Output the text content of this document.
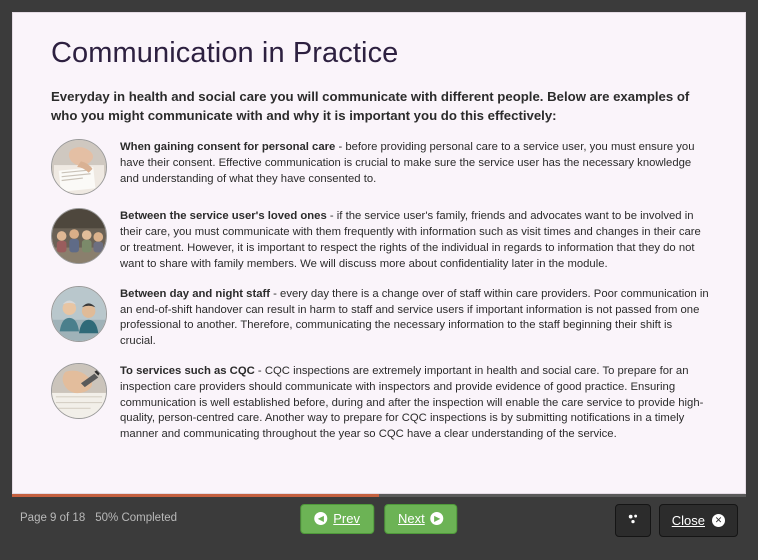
Communication in Practice

Everyday in health and social care you will communicate with different people. Below are examples of who you might communicate with and why it is important you do this effectively:

When gaining consent for personal care - before providing personal care to a service user, you must ensure you have their consent. Effective communication is crucial to make sure the service user has the necessary knowledge and understanding of what they have consented to.
Between the service user's loved ones - if the service user's family, friends and advocates want to be involved in their care, you must communicate with them frequently with information such as visit times and changes in their care or treatment. However, it is important to respect the rights of the individual in regards to information that they do not want to share with family members. We will discuss more about confidentiality later in the module.
Between day and night staff - every day there is a change over of staff within care providers. Poor communication in an end-of-shift handover can result in harm to staff and service users if important information is not passed from one professional to another. Therefore, communicating the necessary information to the staff beginning their shift is crucial.
To services such as CQC - CQC inspections are extremely important in health and social care. To prepare for an inspection care providers should communicate with inspectors and provide evidence of good practice. Ensuring communication is well established before, during and after the inspection will enable the care service to provide high-quality, person-centred care. Another way to prepare for CQC inspections is by submitting notifications in a timely manner and communicating throughout the year so CQC have a clear understanding of the service.
Page 9 of 18 50% Completed	◀ Prev	Next	▶	Close	✕
